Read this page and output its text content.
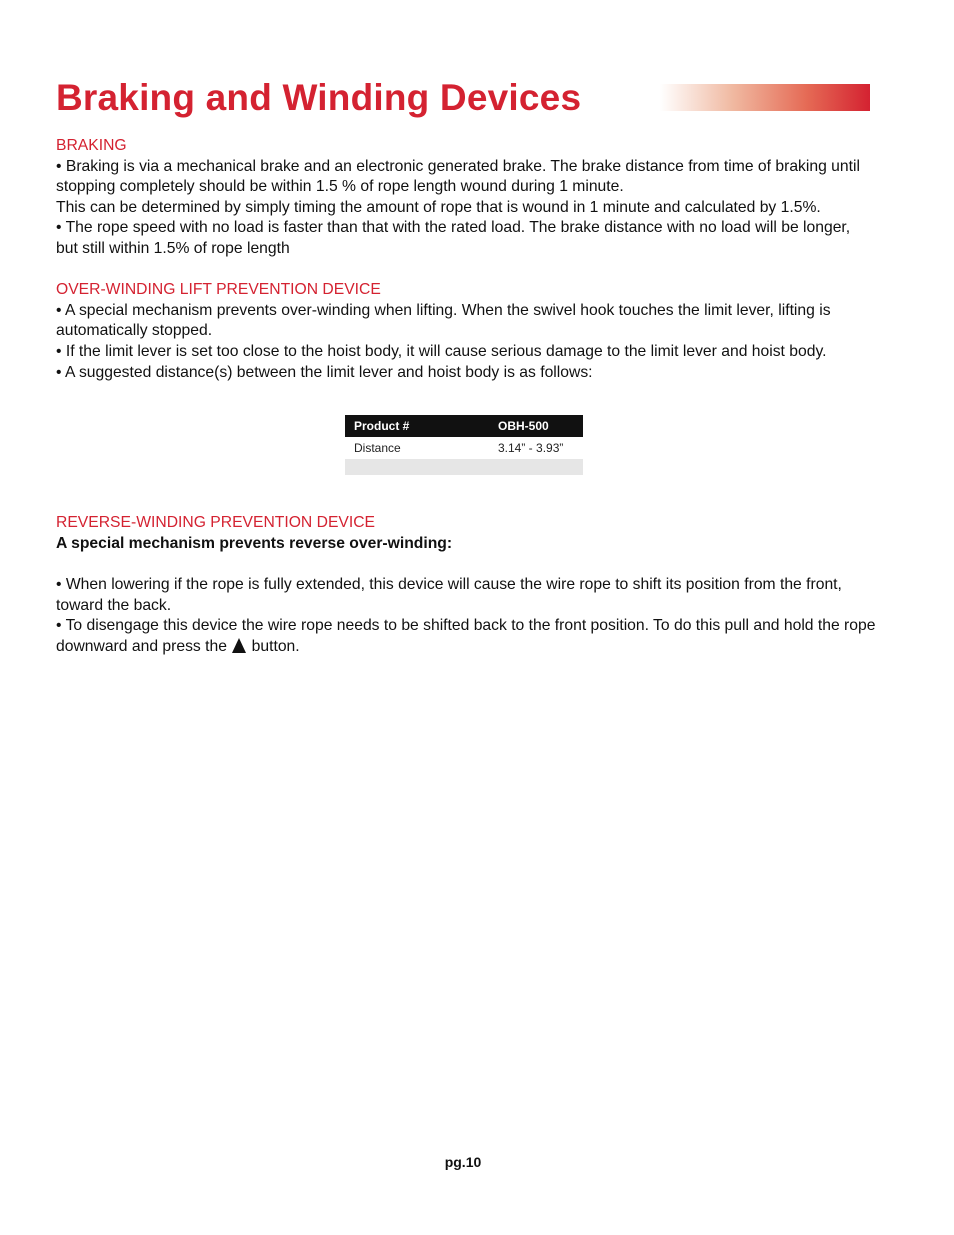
Braking and Winding Devices

BRAKING

• Braking is via a mechanical brake and an electronic generated brake. The brake distance from time of braking until stopping completely should be within 1.5 % of rope length wound during 1 minute.

This can be determined by simply timing the amount of rope that is wound in 1 minute and calculated by 1.5%.

• The rope speed with no load is faster than that with the rated load. The brake distance with no load will be longer, but still within 1.5% of rope length

OVER-WINDING LIFT PREVENTION DEVICE

• A special mechanism prevents over-winding when lifting. When the swivel hook touches the limit lever, lifting is automatically stopped.

• If the limit lever is set too close to the hoist body, it will cause serious damage to the limit lever and hoist body.

• A suggested distance(s) between the limit lever and hoist body is as follows:

Product #	OBH-500
Distance	3.14” - 3.93”

REVERSE-WINDING PREVENTION DEVICE

A special mechanism prevents reverse over-winding:

• When lowering if the rope is fully extended, this device will cause the wire rope to shift its position from the front, toward the back.

• To disengage this device the wire rope needs to be shifted back to the front position. To do this pull and hold the rope downward and press the button.

pg.10
